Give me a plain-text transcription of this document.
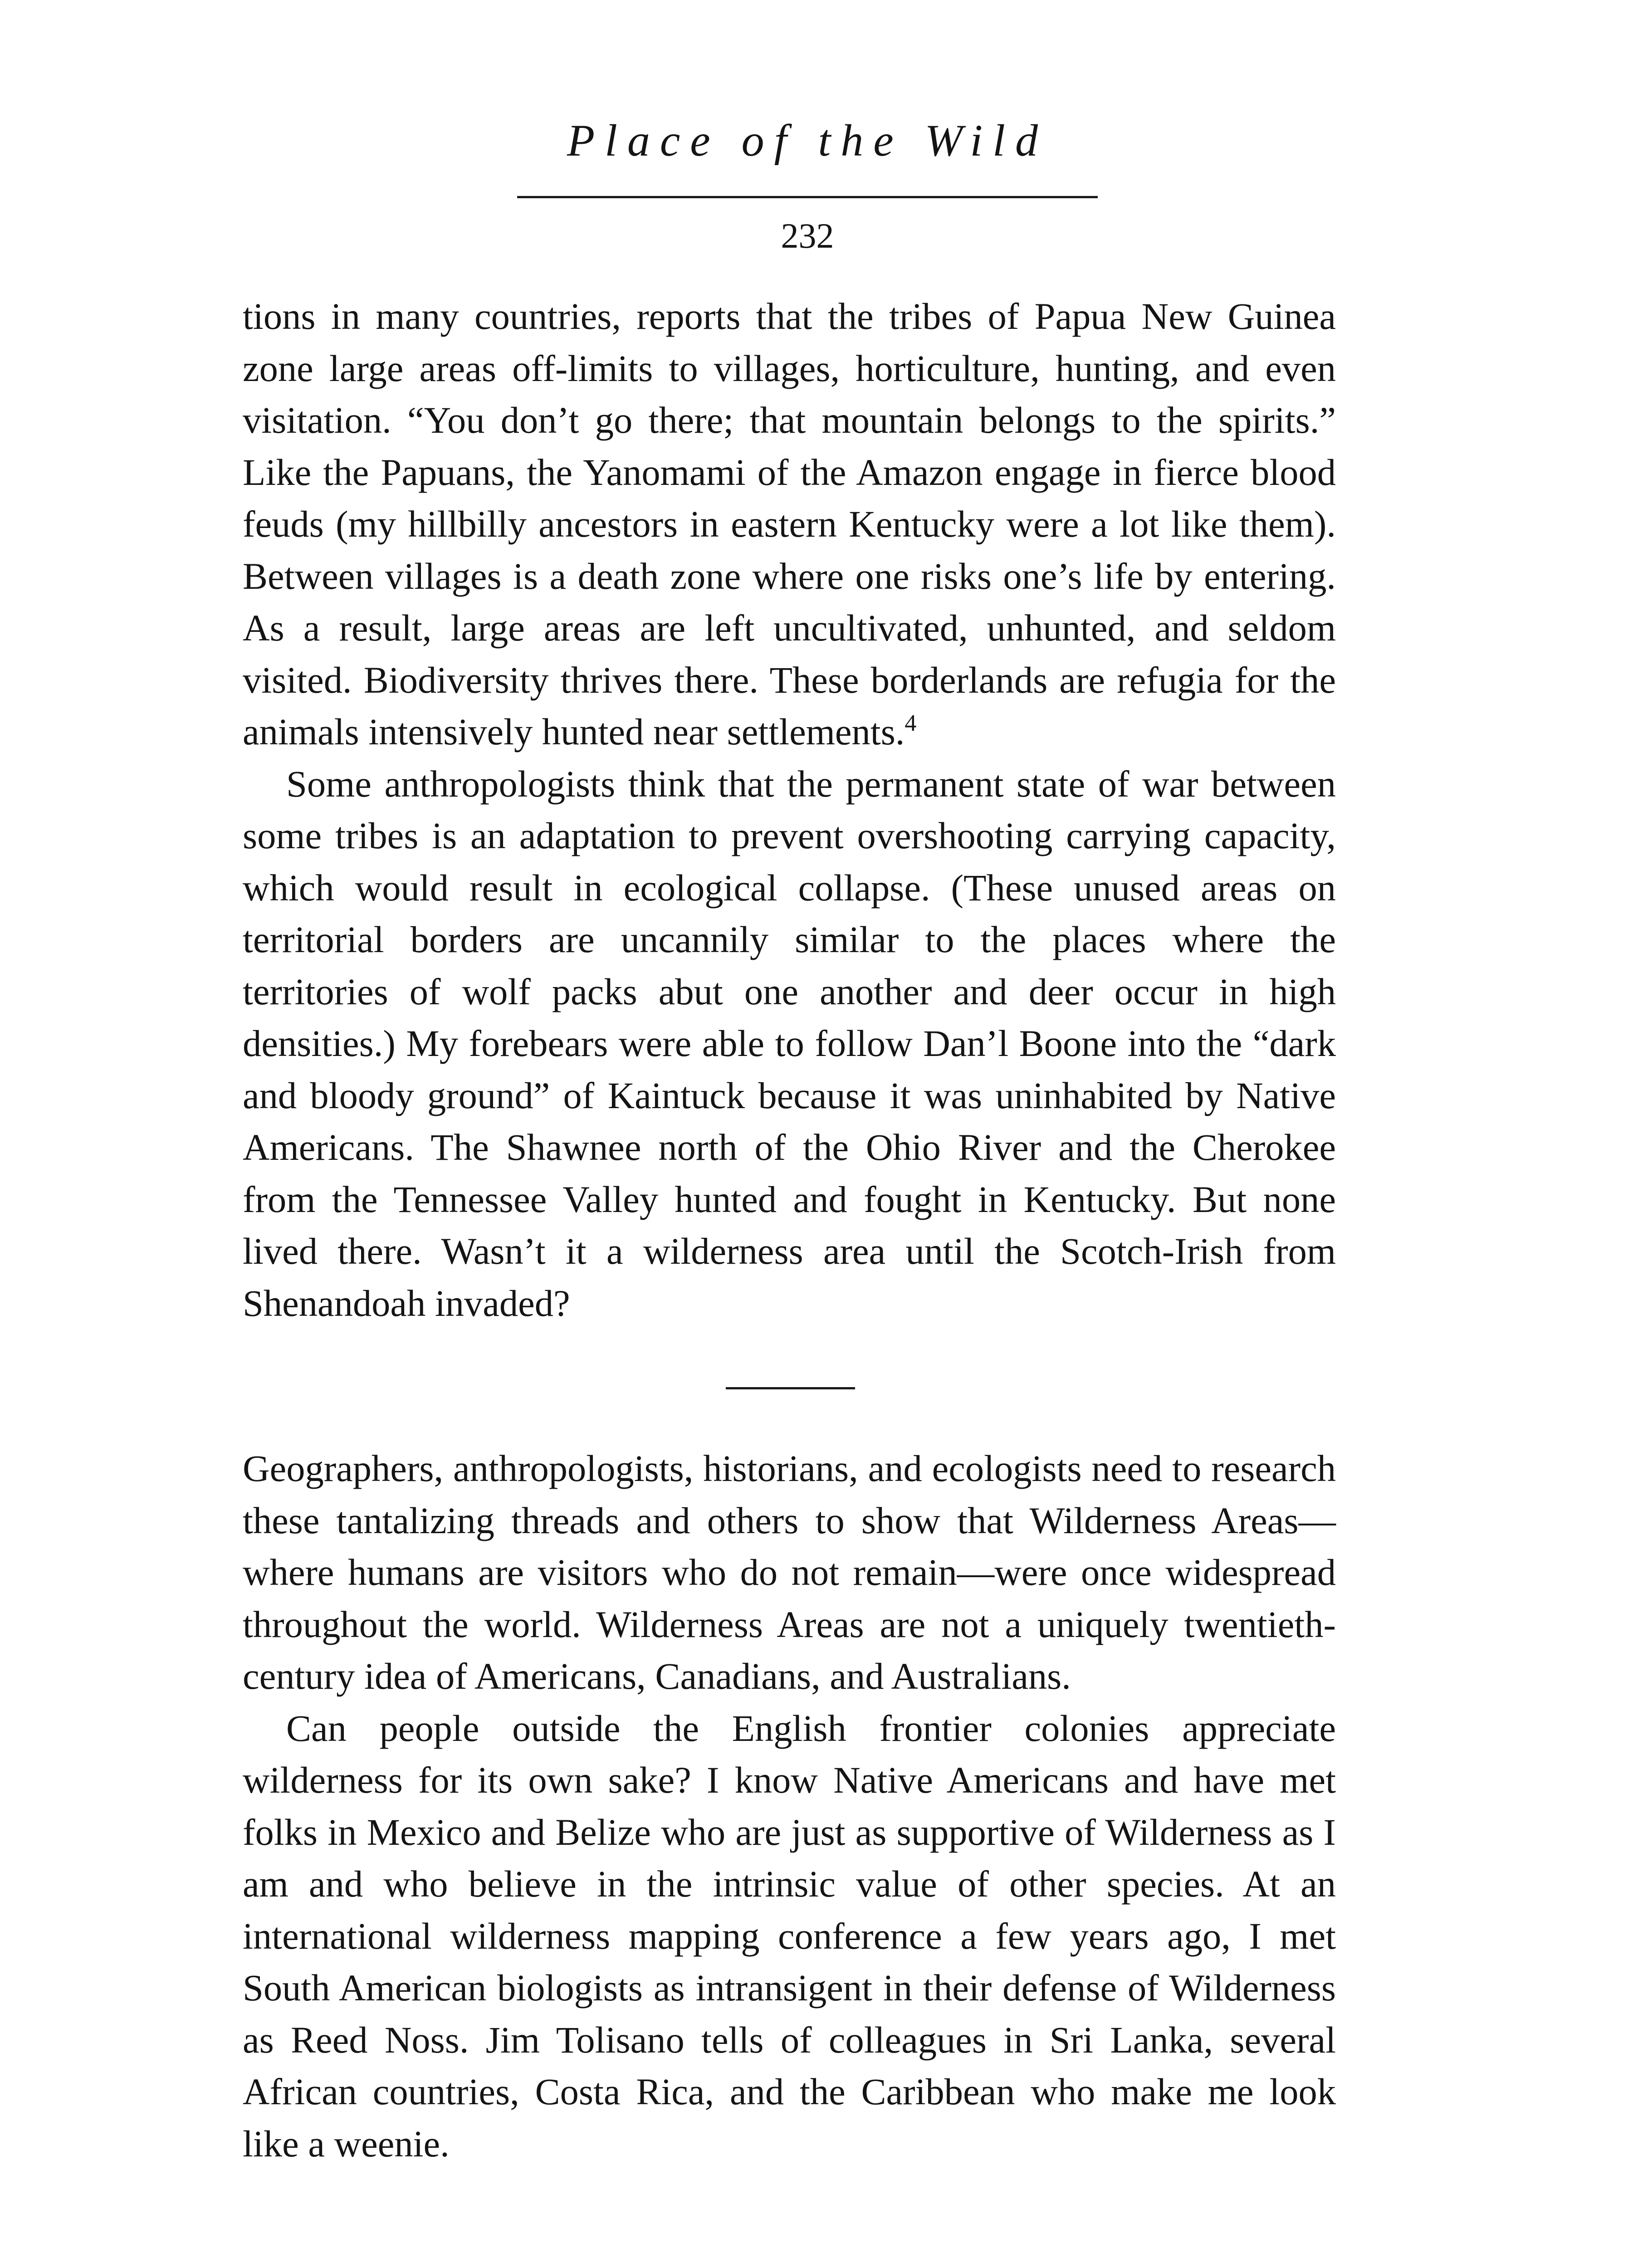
Place of the Wild
232

tions in many countries, reports that the tribes of Papua New Guinea zone large areas off-limits to villages, horticulture, hunting, and even visitation. “You don’t go there; that mountain belongs to the spirits.” Like the Papuans, the Yanomami of the Amazon engage in fierce blood feuds (my hillbilly ancestors in eastern Kentucky were a lot like them). Between villages is a death zone where one risks one’s life by entering. As a result, large areas are left uncultivated, unhunted, and seldom visited. Biodiversity thrives there. These borderlands are refugia for the animals intensively hunted near settlements.$^4$

Some anthropologists think that the permanent state of war between some tribes is an adaptation to prevent overshooting carrying capacity, which would result in ecological collapse. (These unused areas on territorial borders are uncannily similar to the places where the territories of wolf packs abut one another and deer occur in high densities.) My forebears were able to follow Dan’l Boone into the “dark and bloody ground” of Kaintuck because it was uninhabited by Native Americans. The Shawnee north of the Ohio River and the Cherokee from the Tennessee Valley hunted and fought in Kentucky. But none lived there. Wasn’t it a wilderness area until the Scotch-Irish from Shenandoah invaded?

Geographers, anthropologists, historians, and ecologists need to research these tantalizing threads and others to show that Wilderness Areas—where humans are visitors who do not remain—were once widespread throughout the world. Wilderness Areas are not a uniquely twentieth-century idea of Americans, Canadians, and Australians.

Can people outside the English frontier colonies appreciate wilderness for its own sake? I know Native Americans and have met folks in Mexico and Belize who are just as supportive of Wilderness as I am and who believe in the intrinsic value of other species. At an international wilderness mapping conference a few years ago, I met South American biologists as intransigent in their defense of Wilderness as Reed Noss. Jim Tolisano tells of colleagues in Sri Lanka, several African countries, Costa Rica, and the Caribbean who make me look like a weenie.
